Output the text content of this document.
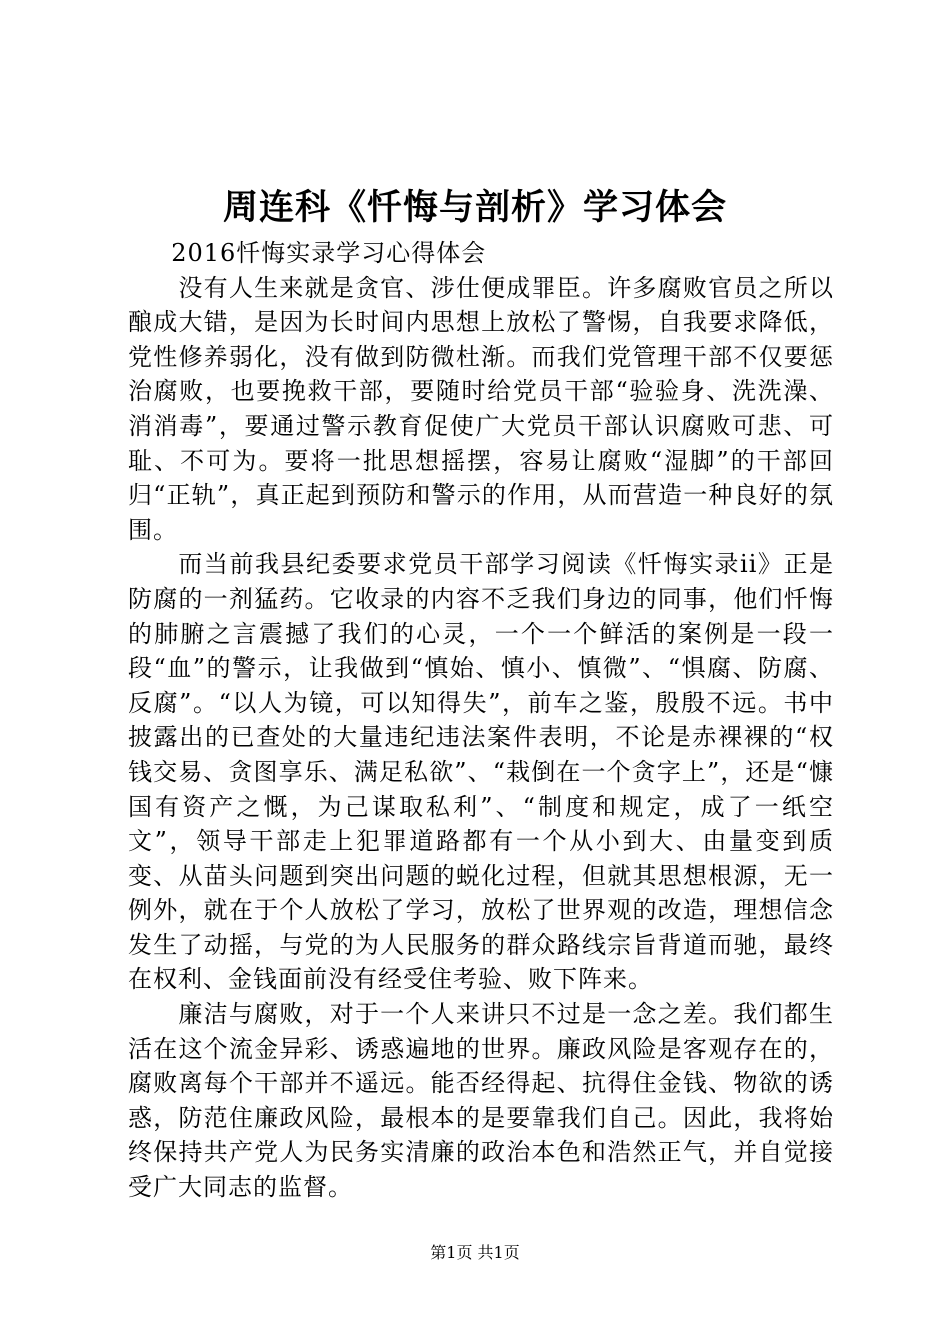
周连科《忏悔与剖析》学习体会

2016忏悔实录学习心得体会

没有人生来就是贪官、涉仕便成罪臣。许多腐败官员之所以酿成大错，是因为长时间内思想上放松了警惕，自我要求降低，党性修养弱化，没有做到防微杜渐。而我们党管理干部不仅要惩治腐败，也要挽救干部，要随时给党员干部“验验身、洗洗澡、消消毒”，要通过警示教育促使广大党员干部认识腐败可悲、可耻、不可为。要将一批思想摇摆，容易让腐败“湿脚”的干部回归“正轨”，真正起到预防和警示的作用，从而营造一种良好的氛围。

而当前我县纪委要求党员干部学习阅读《忏悔实录ii》正是防腐的一剂猛药。它收录的内容不乏我们身边的同事，他们忏悔的肺腑之言震撼了我们的心灵，一个一个鲜活的案例是一段一段“血”的警示，让我做到“慎始、慎小、慎微”、“惧腐、防腐、反腐”。“以人为镜，可以知得失”，前车之鉴，殷殷不远。书中披露出的已查处的大量违纪违法案件表明，不论是赤裸裸的“权钱交易、贪图享乐、满足私欲”、“栽倒在一个贪字上”，还是“慷国有资产之慨，为己谋取私利”、“制度和规定，成了一纸空文”，领导干部走上犯罪道路都有一个从小到大、由量变到质变、从苗头问题到突出问题的蜕化过程，但就其思想根源，无一例外，就在于个人放松了学习，放松了世界观的改造，理想信念发生了动摇，与党的为人民服务的群众路线宗旨背道而驰，最终在权利、金钱面前没有经受住考验、败下阵来。

廉洁与腐败，对于一个人来讲只不过是一念之差。我们都生活在这个流金异彩、诱惑遍地的世界。廉政风险是客观存在的，腐败离每个干部并不遥远。能否经得起、抗得住金钱、物欲的诱惑，防范住廉政风险，最根本的是要靠我们自己。因此，我将始终保持共产党人为民务实清廉的政治本色和浩然正气，并自觉接受广大同志的监督。

第1页 共1页
